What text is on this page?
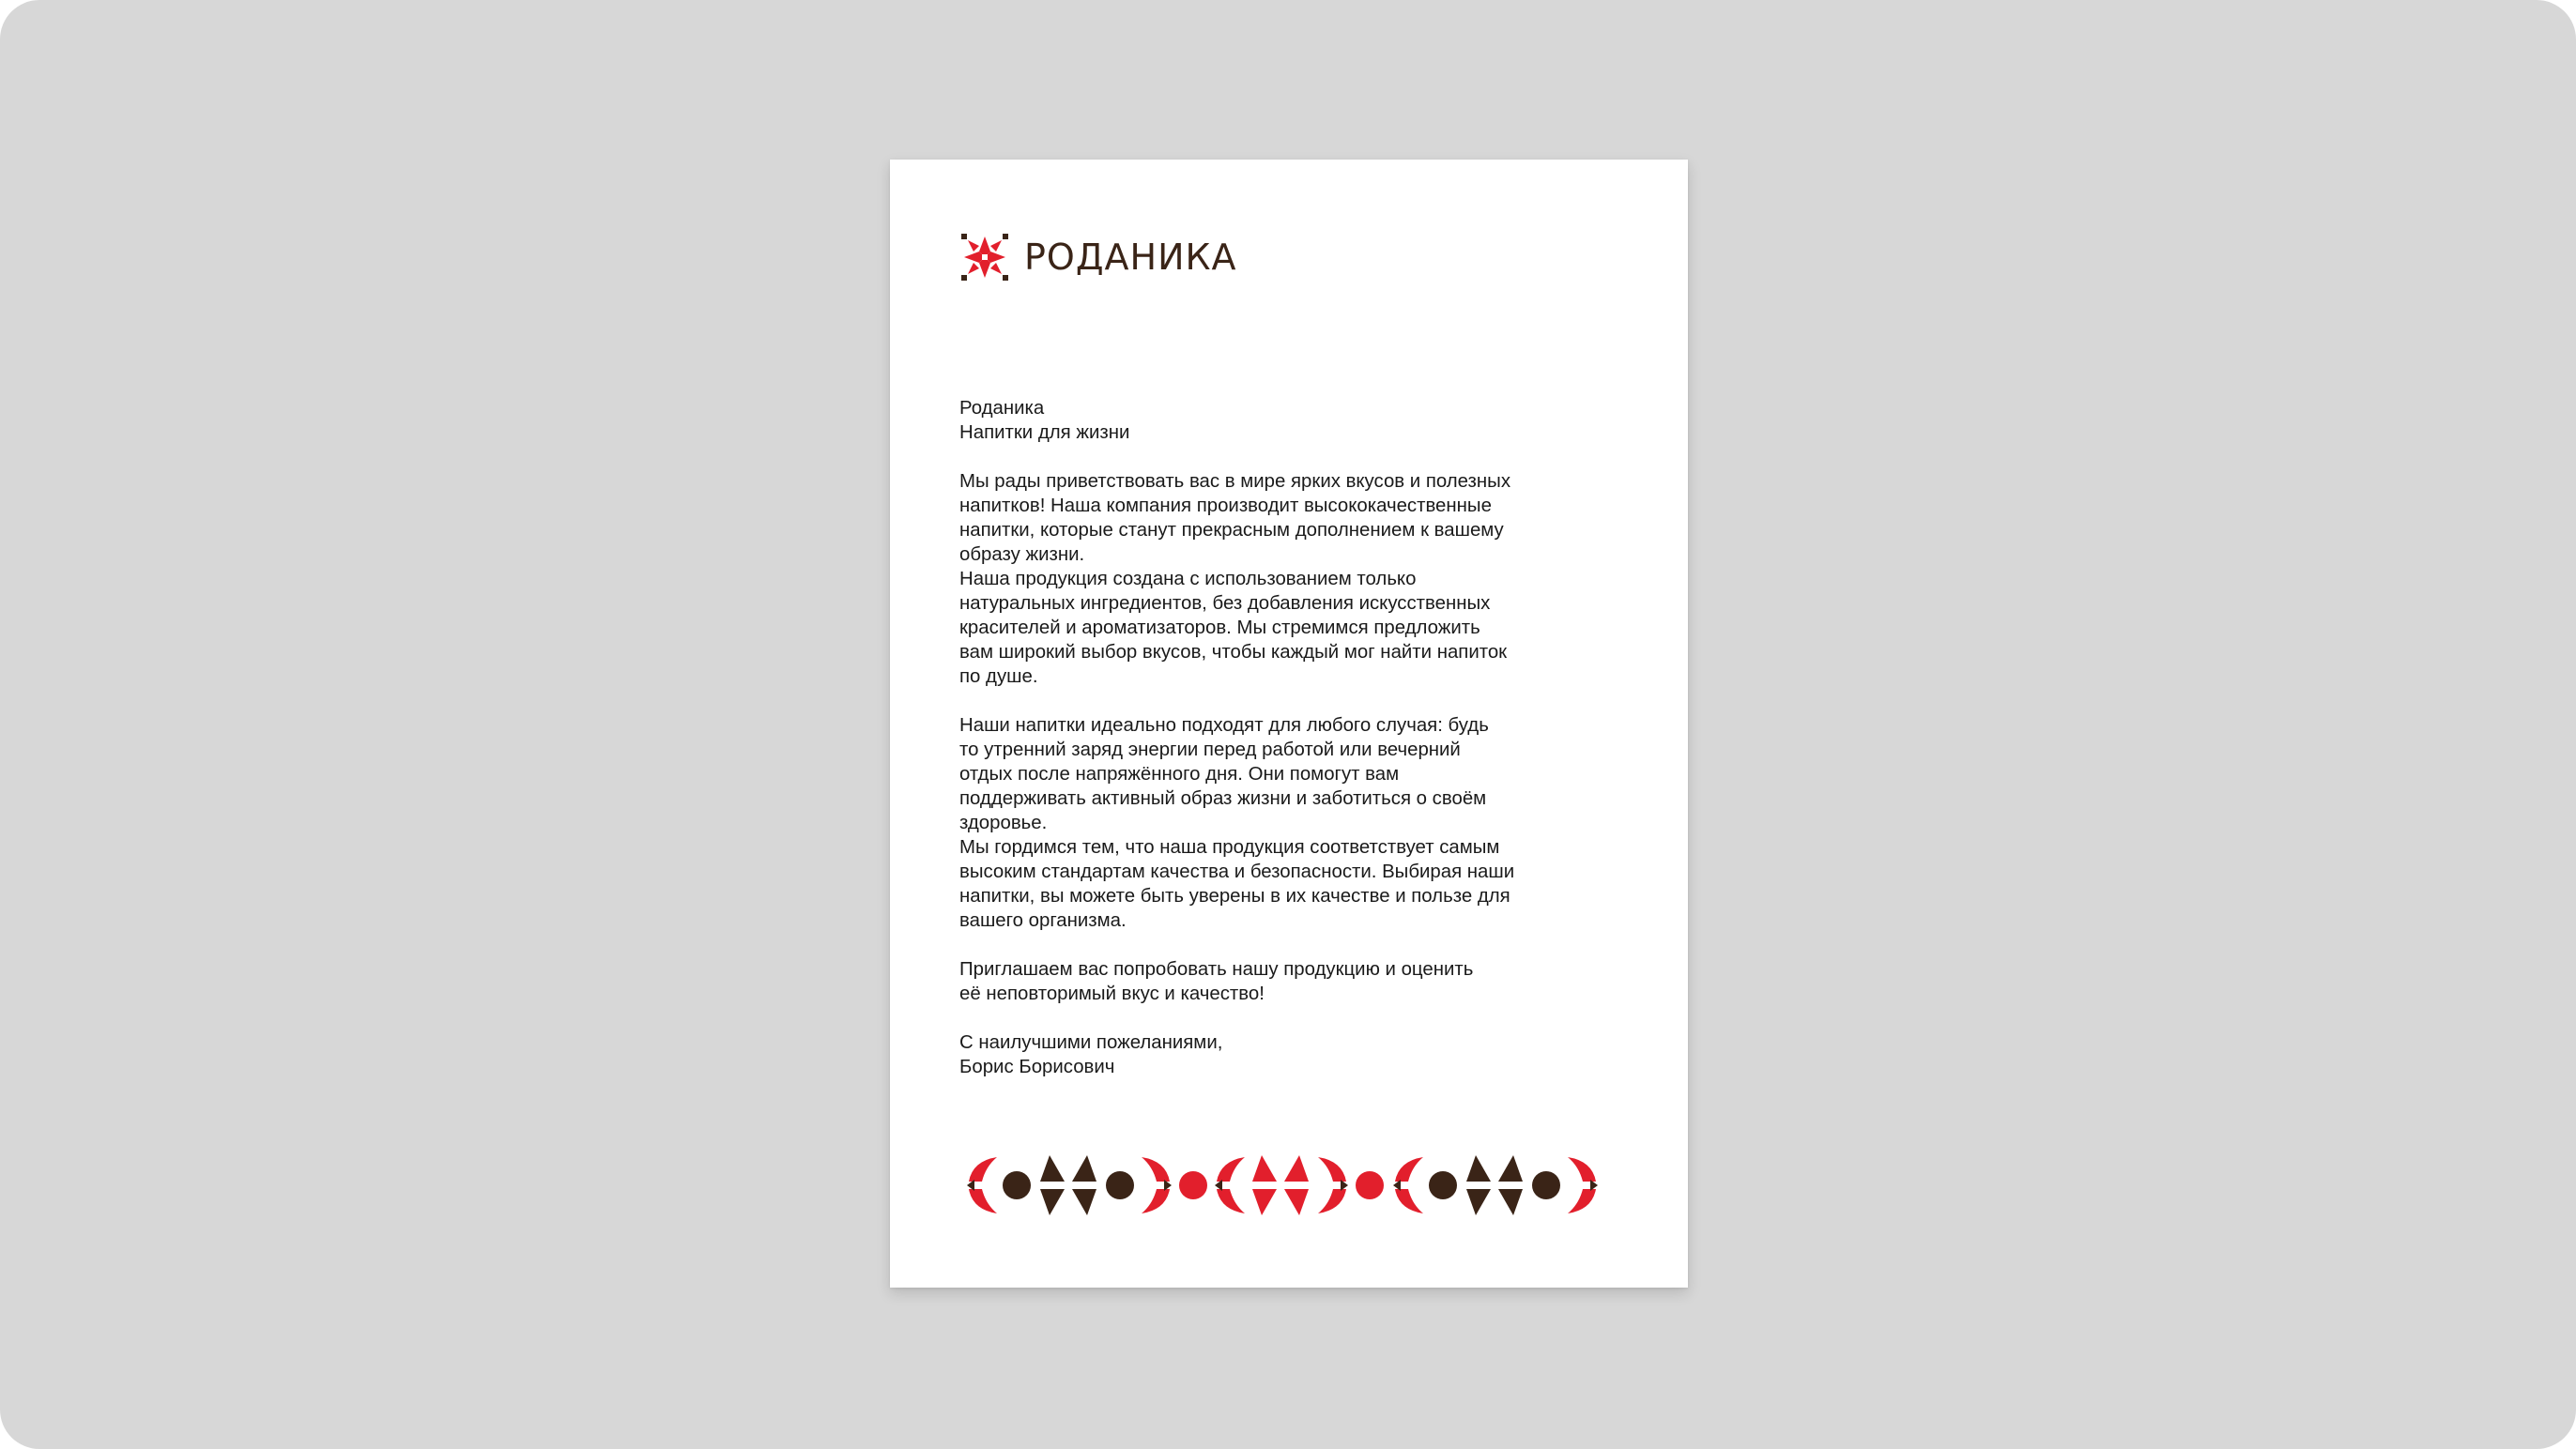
РОДАНИКА
Роданика
Напитки для жизни
Мы рады приветствовать вас в мире ярких вкусов и полезных
напитков! Наша компания производит высококачественные
напитки, которые станут прекрасным дополнением к вашему
образу жизни.
Наша продукция создана с использованием только
натуральных ингредиентов, без добавления искусственных
красителей и ароматизаторов. Мы стремимся предложить
вам широкий выбор вкусов, чтобы каждый мог найти напиток
по душе.
Наши напитки идеально подходят для любого случая: будь
то утренний заряд энергии перед работой или вечерний
отдых после напряжённого дня. Они помогут вам
поддерживать активный образ жизни и заботиться о своём
здоровье.
Мы гордимся тем, что наша продукция соответствует самым
высоким стандартам качества и безопасности. Выбирая наши
напитки, вы можете быть уверены в их качестве и пользе для
вашего организма.
Приглашаем вас попробовать нашу продукцию и оценить
её неповторимый вкус и качество!
С наилучшими пожеланиями,
Борис Борисович
